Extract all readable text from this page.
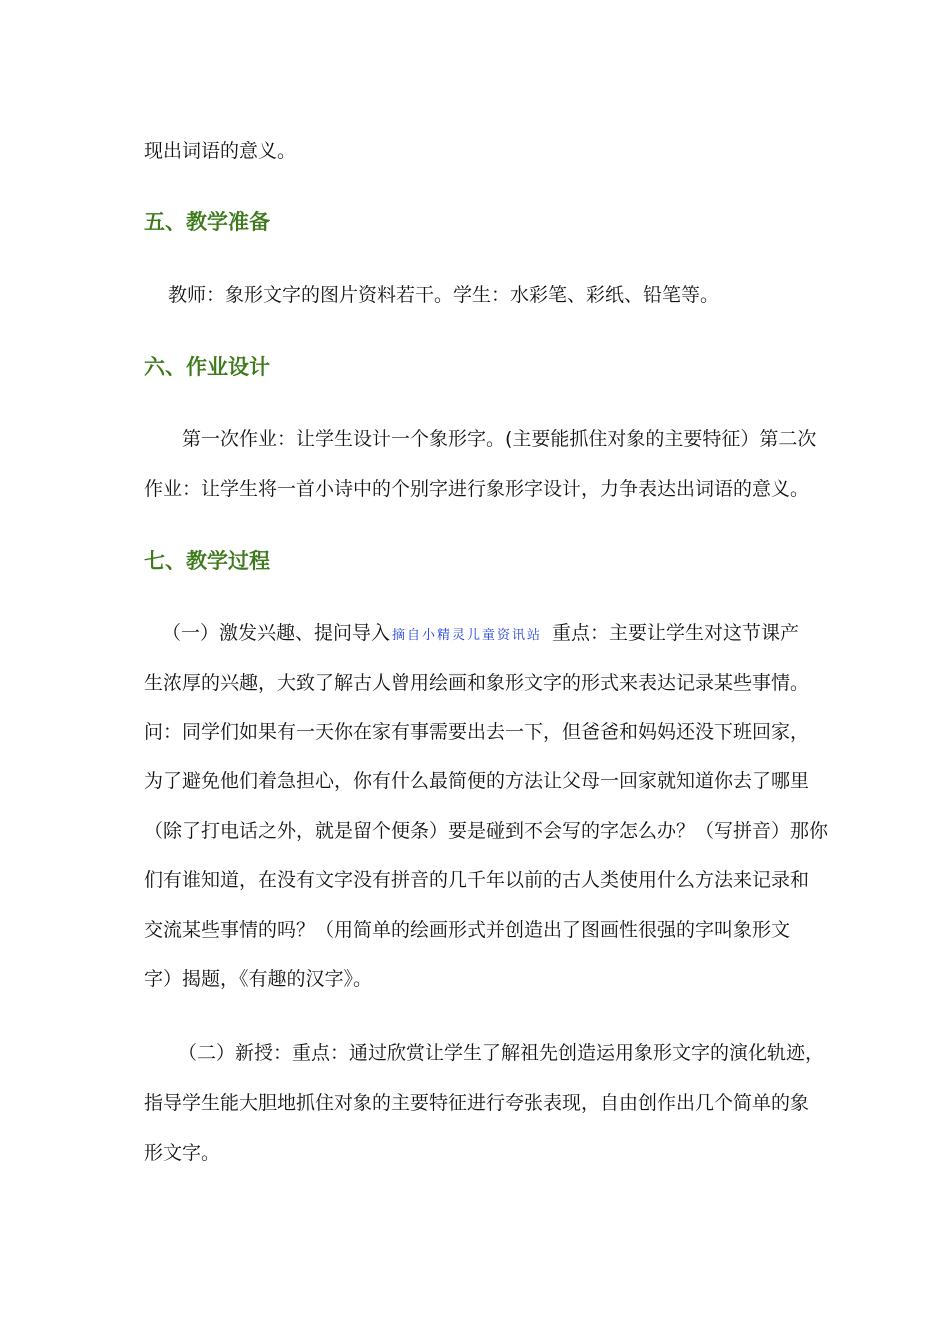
现出词语的意义。
五、教学准备
教师：象形文字的图片资料若干。学生：水彩笔、彩纸、铅笔等。
六、作业设计
第一次作业：让学生设计一个象形字。(主要能抓住对象的主要特征）第二次
作业：让学生将一首小诗中的个别字进行象形字设计，力争表达出词语的意义。
七、教学过程
（一）激发兴趣、提问导入 摘自小精灵儿童资讯站 重点：主要让学生对这节课产
生浓厚的兴趣，大致了解古人曾用绘画和象形文字的形式来表达记录某些事情。
问：同学们如果有一天你在家有事需要出去一下，但爸爸和妈妈还没下班回家，
为了避免他们着急担心，你有什么最简便的方法让父母一回家就知道你去了哪里
（除了打电话之外，就是留个便条）要是碰到不会写的字怎么办？（写拼音）那你
们有谁知道，在没有文字没有拼音的几千年以前的古人类使用什么方法来记录和
交流某些事情的吗？（用简单的绘画形式并创造出了图画性很强的字叫象形文
字）揭题，《有趣的汉字》。
（二）新授：重点：通过欣赏让学生了解祖先创造运用象形文字的演化轨迹，
指导学生能大胆地抓住对象的主要特征进行夸张表现，自由创作出几个简单的象
形文字。
